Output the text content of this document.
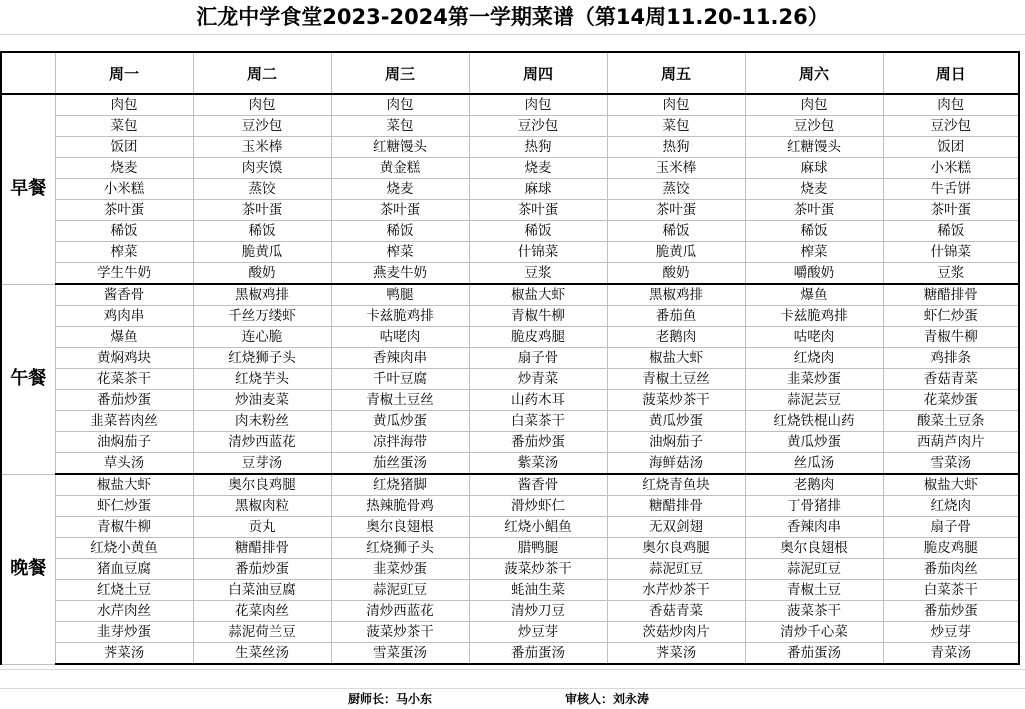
汇龙中学食堂2023-2024第一学期菜谱（第14周11.20-11.26）
	周一	周二	周三	周四	周五	周六	周日
早餐	肉包	肉包	肉包	肉包	肉包	肉包	肉包
	菜包	豆沙包	菜包	豆沙包	菜包	豆沙包	豆沙包
	饭团	玉米棒	红糖馒头	热狗	热狗	红糖馒头	饭团
	烧麦	肉夹馍	黄金糕	烧麦	玉米棒	麻球	小米糕
	小米糕	蒸饺	烧麦	麻球	蒸饺	烧麦	牛舌饼
	茶叶蛋	茶叶蛋	茶叶蛋	茶叶蛋	茶叶蛋	茶叶蛋	茶叶蛋
	稀饭	稀饭	稀饭	稀饭	稀饭	稀饭	稀饭
	榨菜	脆黄瓜	榨菜	什锦菜	脆黄瓜	榨菜	什锦菜
	学生牛奶	酸奶	燕麦牛奶	豆浆	酸奶	嚼酸奶	豆浆
午餐	酱香骨	黑椒鸡排	鸭腿	椒盐大虾	黑椒鸡排	爆鱼	糖醋排骨
	鸡肉串	千丝万缕虾	卡兹脆鸡排	青椒牛柳	番茄鱼	卡兹脆鸡排	虾仁炒蛋
	爆鱼	连心脆	咕咾肉	脆皮鸡腿	老鹅肉	咕咾肉	青椒牛柳
	黄焖鸡块	红烧狮子头	香辣肉串	扇子骨	椒盐大虾	红烧肉	鸡排条
	花菜茶干	红烧芋头	千叶豆腐	炒青菜	青椒土豆丝	韭菜炒蛋	香菇青菜
	番茄炒蛋	炒油麦菜	青椒土豆丝	山药木耳	菠菜炒茶干	蒜泥芸豆	花菜炒蛋
	韭菜苔肉丝	肉末粉丝	黄瓜炒蛋	白菜茶干	黄瓜炒蛋	红烧铁棍山药	酸菜土豆条
	油焖茄子	清炒西蓝花	凉拌海带	番茄炒蛋	油焖茄子	黄瓜炒蛋	西葫芦肉片
	草头汤	豆芽汤	茄丝蛋汤	紫菜汤	海鲜菇汤	丝瓜汤	雪菜汤
晚餐	椒盐大虾	奥尔良鸡腿	红烧猪脚	酱香骨	红烧青鱼块	老鹅肉	椒盐大虾
	虾仁炒蛋	黑椒肉粒	热辣脆骨鸡	滑炒虾仁	糖醋排骨	丁骨猪排	红烧肉
	青椒牛柳	贡丸	奥尔良翅根	红烧小鲳鱼	无双剑翅	香辣肉串	扇子骨
	红烧小黄鱼	糖醋排骨	红烧狮子头	腊鸭腿	奥尔良鸡腿	奥尔良翅根	脆皮鸡腿
	猪血豆腐	番茄炒蛋	韭菜炒蛋	菠菜炒茶干	蒜泥豇豆	蒜泥豇豆	番茄肉丝
	红烧土豆	白菜油豆腐	蒜泥豇豆	蚝油生菜	水芹炒茶干	青椒土豆	白菜茶干
	水芹肉丝	花菜肉丝	清炒西蓝花	清炒刀豆	香菇青菜	菠菜茶干	番茄炒蛋
	韭芽炒蛋	蒜泥荷兰豆	菠菜炒茶干	炒豆芽	茨菇炒肉片	清炒千心菜	炒豆芽
	荠菜汤	生菜丝汤	雪菜蛋汤	番茄蛋汤	荠菜汤	番茄蛋汤	青菜汤
厨师长：马小东	审核人：刘永涛
